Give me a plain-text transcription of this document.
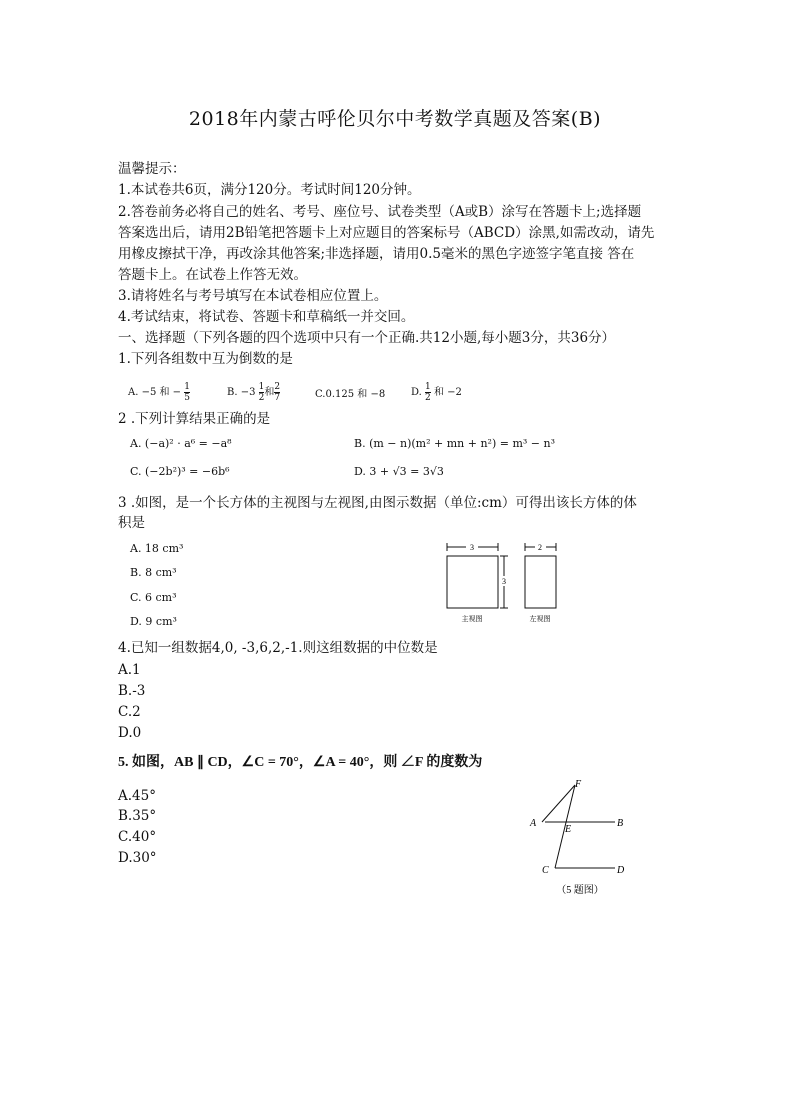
2018年内蒙古呼伦贝尔中考数学真题及答案(B)
温馨提示：
1.本试卷共6页，满分120分。考试时间120分钟。
2.答卷前务必将自己的姓名、考号、座位号、试卷类型（A或B）涂写在答题卡上;选择题
答案选出后，请用2B铅笔把答题卡上对应题目的答案标号（ABCD）涂黑,如需改动，请先
用橡皮擦拭干净，再改涂其他答案;非选择题，请用0.5毫米的黑色字迹签字笔直接 答在
答题卡上。在试卷上作答无效。
3.请将姓名与考号填写在本试卷相应位置上。
4.考试结束，将试卷、答题卡和草稿纸一并交回。
一、选择题（下列各题的四个选项中只有一个正确.共12小题,每小题3分，共36分）
1.下列各组数中互为倒数的是
A. −5 和 − $\frac{1}{5}$	B. $-3 \frac{1}{2}$ 和 $\frac{2}{7}$	C.0.125 和 −8	D. $\frac{1}{2}$ 和 −2
2 .下列计算结果正确的是
A. (−a)² · a⁶ = −a⁸	B. (m − n)(m² + mn + n²) = m³ − n³
C. (−2b²)³ = −6b⁶	D. 3 + √3 = 3√3
3 .如图，是一个长方体的主视图与左视图,由图示数据（单位:cm）可得出该长方体的体
积是
A. 18 cm³
B. 8 cm³
C. 6 cm³
D. 9 cm³
3
3
主视图
2
左视图
4.已知一组数据4,0, -3,6,2,-1.则这组数据的中位数是
A.1
B.-3
C.2
D.0
5. 如图，AB ∥ CD，∠C = 70°，∠A = 40°，则 ∠F 的度数为
A.45°
B.35°
C.40°
D.30°
F
A
E
B
C	D
（5 题图）
